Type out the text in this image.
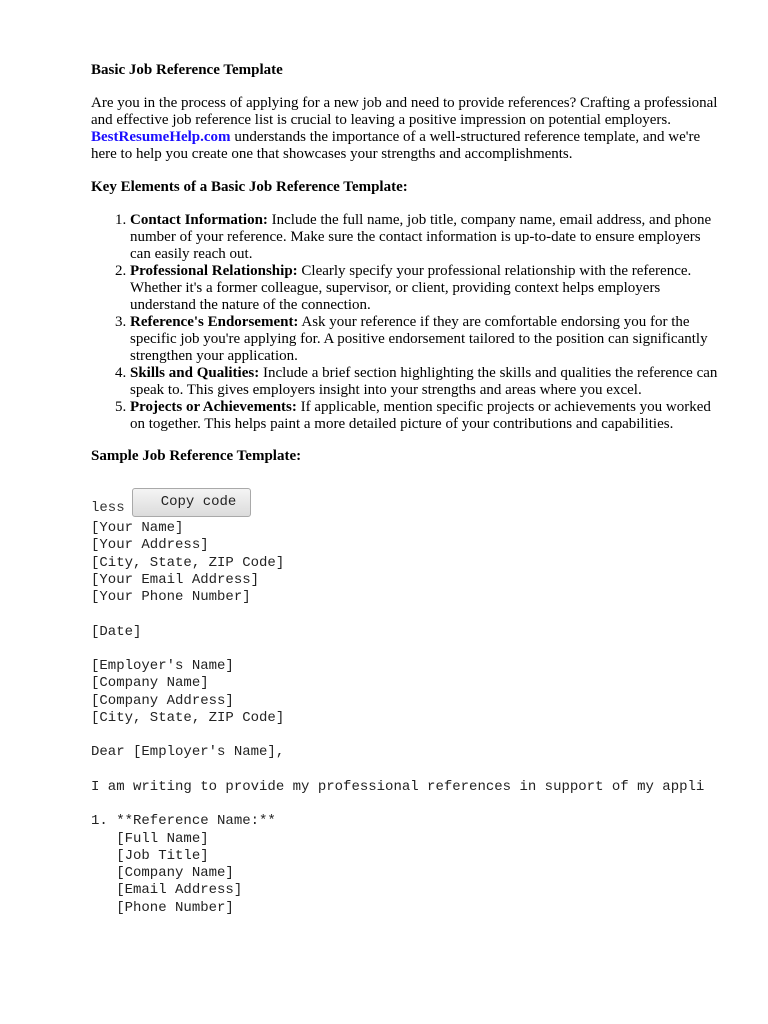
Basic Job Reference Template

Are you in the process of applying for a new job and need to provide references? Crafting a professional and effective job reference list is crucial to leaving a positive impression on potential employers. BestResumeHelp.com understands the importance of a well-structured reference template, and we're here to help you create one that showcases your strengths and accomplishments.

Key Elements of a Basic Job Reference Template:
1. Contact Information: Include the full name, job title, company name, email address, and phone number of your reference. Make sure the contact information is up-to-date to ensure employers can easily reach out.
2. Professional Relationship: Clearly specify your professional relationship with the reference. Whether it's a former colleague, supervisor, or client, providing context helps employers understand the nature of the connection.
3. Reference's Endorsement: Ask your reference if they are comfortable endorsing you for the specific job you're applying for. A positive endorsement tailored to the position can significantly strengthen your application.
4. Skills and Qualities: Include a brief section highlighting the skills and qualities the reference can speak to. This gives employers insight into your strengths and areas where you excel.
5. Projects or Achievements: If applicable, mention specific projects or achievements you worked on together. This helps paint a more detailed picture of your contributions and capabilities.
Sample Job Reference Template:
less	Copy code
[Your Name]
[Your Address]
[City, State, ZIP Code]
[Your Email Address]
[Your Phone Number]

[Date]

[Employer's Name]
[Company Name]
[Company Address]
[City, State, ZIP Code]

Dear [Employer's Name],

I am writing to provide my professional references in support of my appli

1. **Reference Name:**
[Full Name]
[Job Title]
[Company Name]
[Email Address]
[Phone Number]
